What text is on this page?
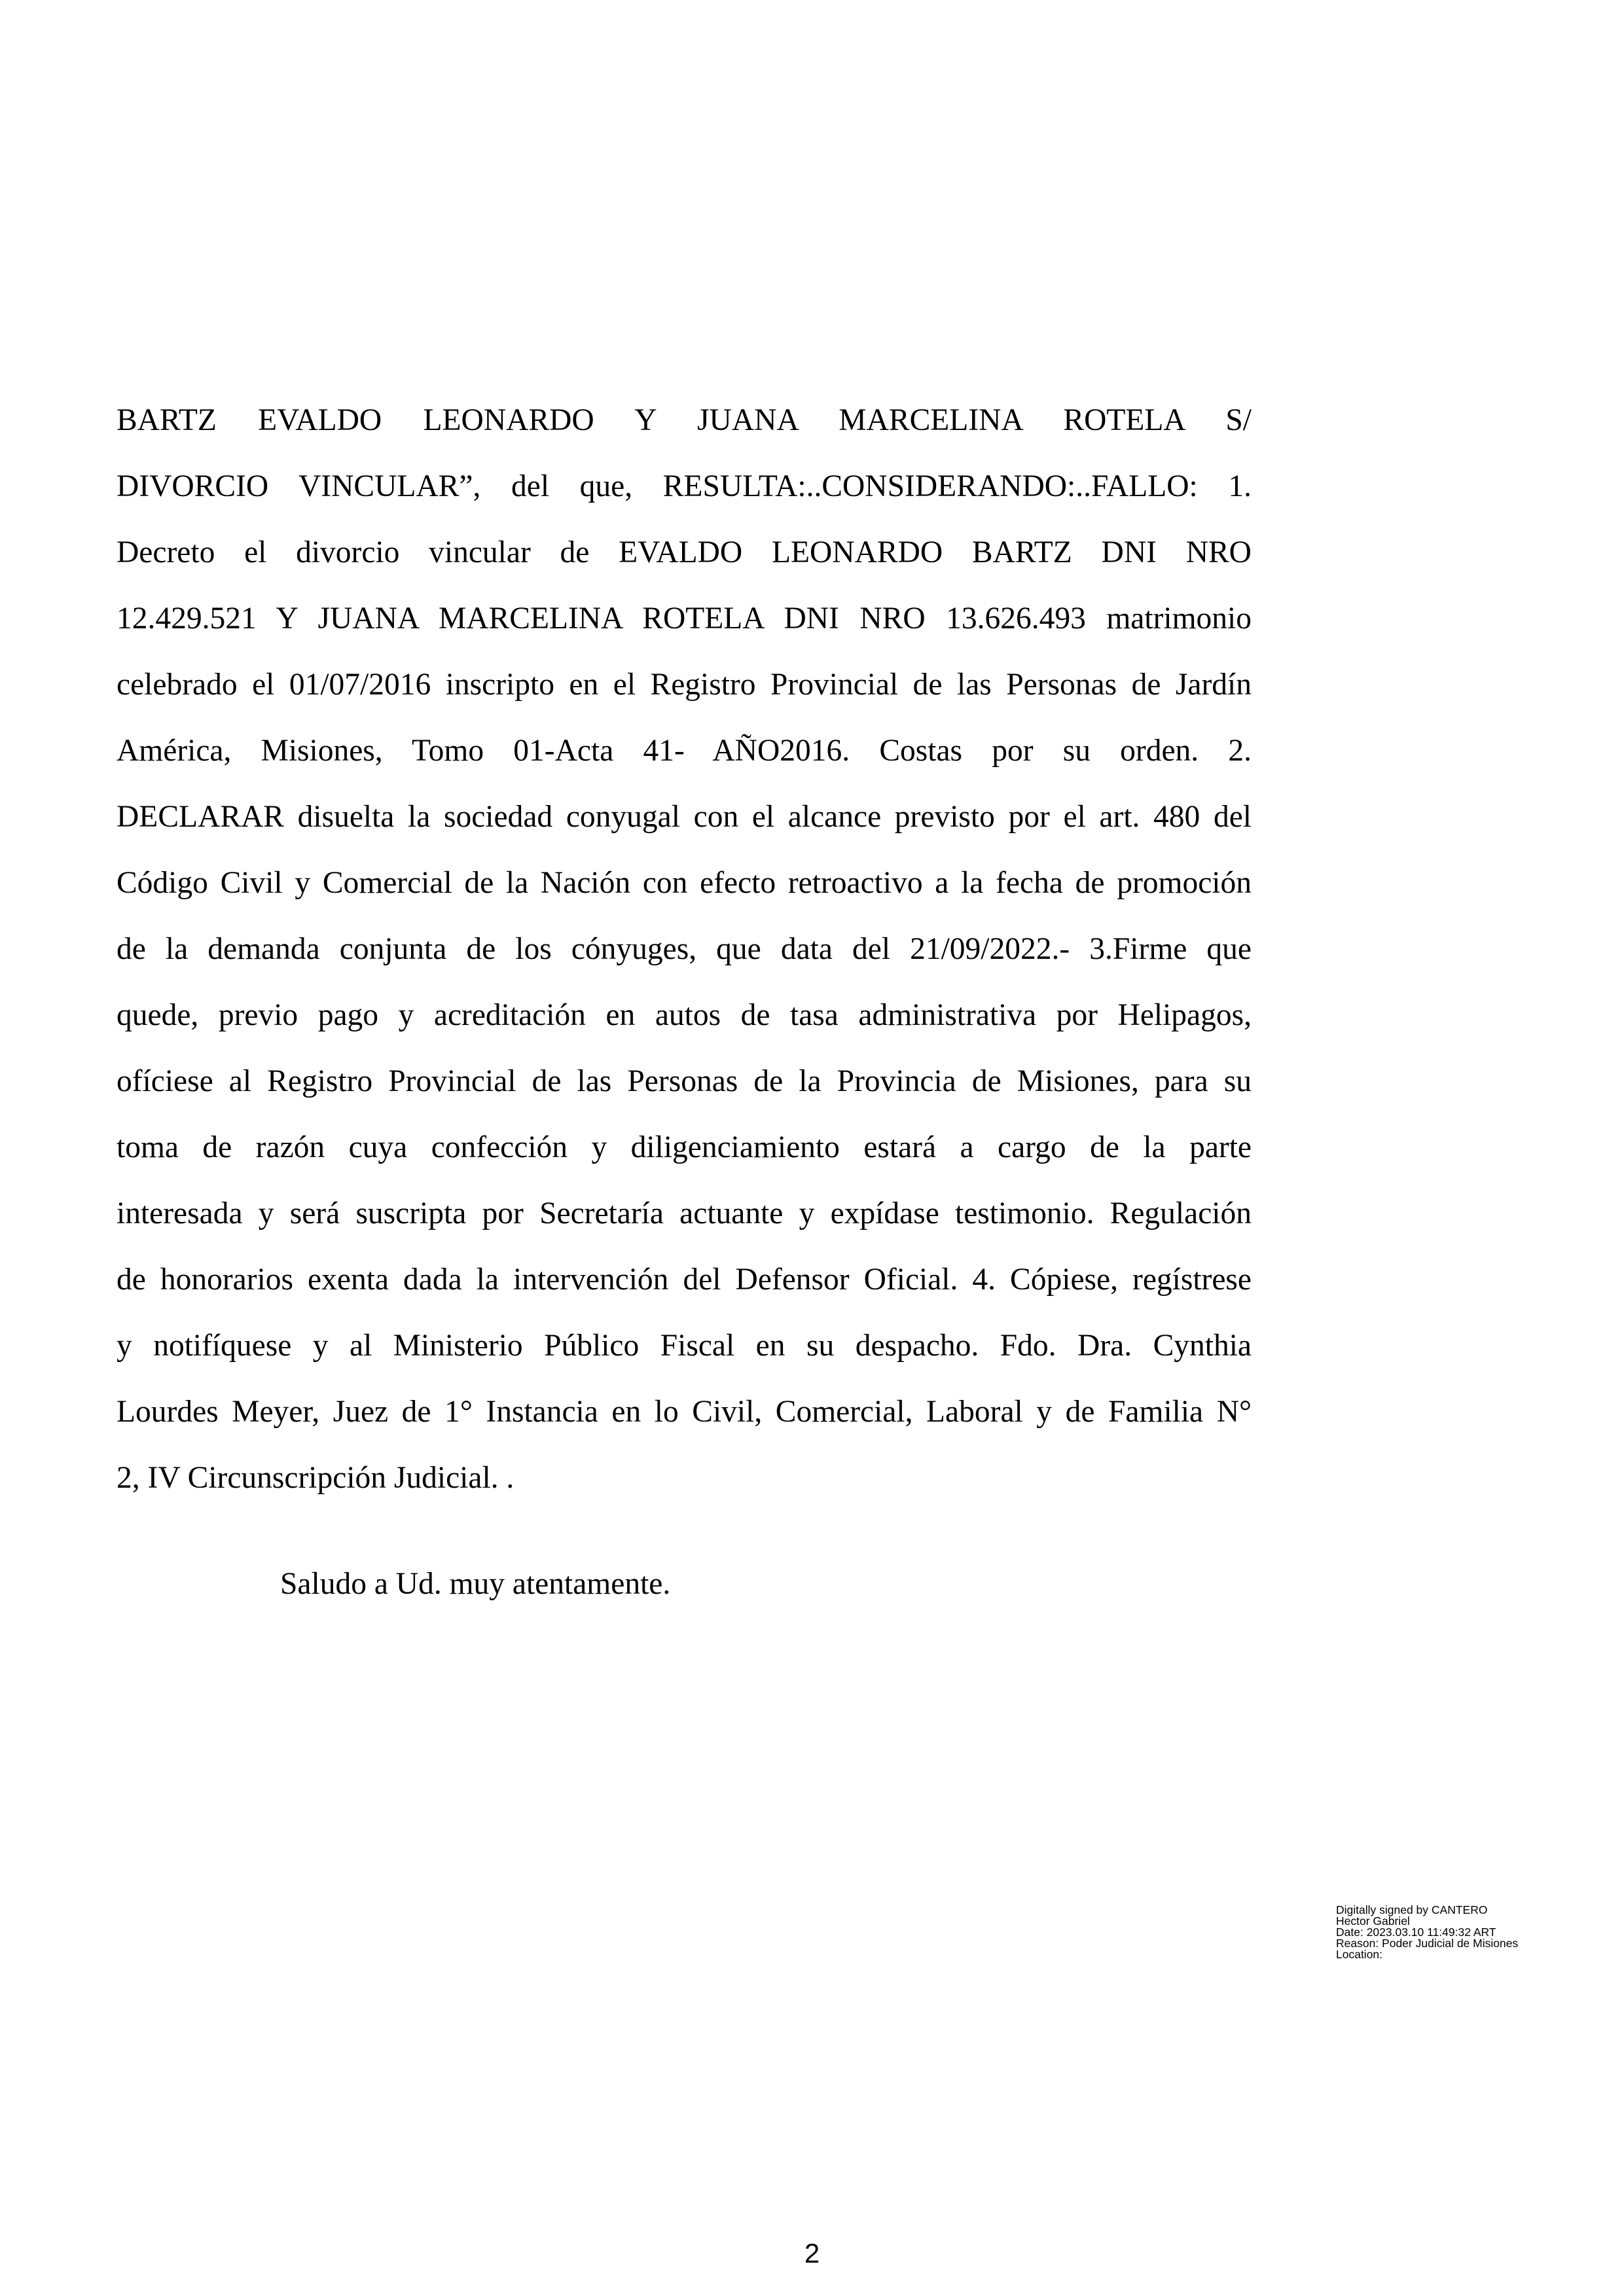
BARTZ EVALDO LEONARDO Y JUANA MARCELINA ROTELA S/
DIVORCIO VINCULAR”, del que, RESULTA:..CONSIDERANDO:..FALLO: 1.
Decreto el divorcio vincular de EVALDO LEONARDO BARTZ DNI NRO
12.429.521 Y JUANA MARCELINA ROTELA DNI NRO 13.626.493 matrimonio
celebrado el 01/07/2016 inscripto en el Registro Provincial de las Personas de Jardín
América, Misiones, Tomo 01-Acta 41- AÑO2016. Costas por su orden. 2.
DECLARAR disuelta la sociedad conyugal con el alcance previsto por el art. 480 del
Código Civil y Comercial de la Nación con efecto retroactivo a la fecha de promoción
de la demanda conjunta de los cónyuges, que data del 21/09/2022.- 3.Firme que
quede, previo pago y acreditación en autos de tasa administrativa por Helipagos,
ofíciese al Registro Provincial de las Personas de la Provincia de Misiones, para su
toma de razón cuya confección y diligenciamiento estará a cargo de la parte
interesada y será suscripta por Secretaría actuante y expídase testimonio. Regulación
de honorarios exenta dada la intervención del Defensor Oficial. 4. Cópiese, regístrese
y notifíquese y al Ministerio Público Fiscal en su despacho. Fdo. Dra. Cynthia
Lourdes Meyer, Juez de 1° Instancia en lo Civil, Comercial, Laboral y de Familia N°
2, IV Circunscripción Judicial. .

Saludo a Ud. muy atentamente.

Digitally signed by CANTERO
Hector Gabriel
Date: 2023.03.10 11:49:32 ART
Reason: Poder Judicial de Misiones
Location:
2
